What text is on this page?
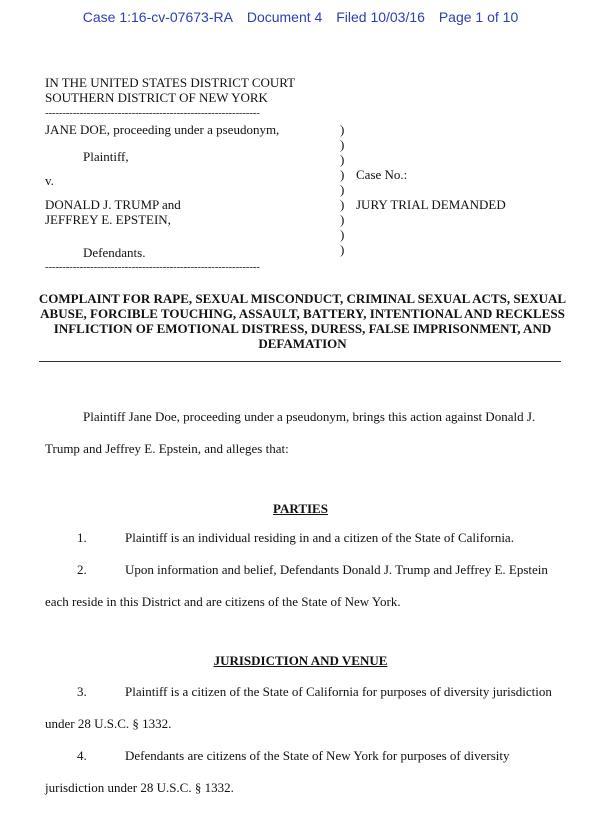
Case 1:16-cv-07673-RA Document 4 Filed 10/03/16 Page 1 of 10
IN THE UNITED STATES DISTRICT COURT
SOUTHERN DISTRICT OF NEW YORK
--------------------------------------------------------------
JANE DOE, proceeding under a pseudonym,
Plaintiff,
v.
DONALD J. TRUMP and
JEFFREY E. EPSTEIN,
Defendants.
--------------------------------------------------------------
)
)
)
)
)
)
)
)
)
Case No.:
JURY TRIAL DEMANDED
COMPLAINT FOR RAPE, SEXUAL MISCONDUCT, CRIMINAL SEXUAL ACTS, SEXUAL ABUSE, FORCIBLE TOUCHING, ASSAULT, BATTERY, INTENTIONAL AND RECKLESS INFLICTION OF EMOTIONAL DISTRESS, DURESS, FALSE IMPRISONMENT, AND DEFAMATION
Plaintiff Jane Doe, proceeding under a pseudonym, brings this action against Donald J.
Trump and Jeffrey E. Epstein, and alleges that:
PARTIES
1.	Plaintiff is an individual residing in and a citizen of the State of California.
2.	Upon information and belief, Defendants Donald J. Trump and Jeffrey E. Epstein
each reside in this District and are citizens of the State of New York.
JURISDICTION AND VENUE
3.	Plaintiff is a citizen of the State of California for purposes of diversity jurisdiction
under 28 U.S.C. § 1332.
4.	Defendants are citizens of the State of New York for purposes of diversity
jurisdiction under 28 U.S.C. § 1332.
